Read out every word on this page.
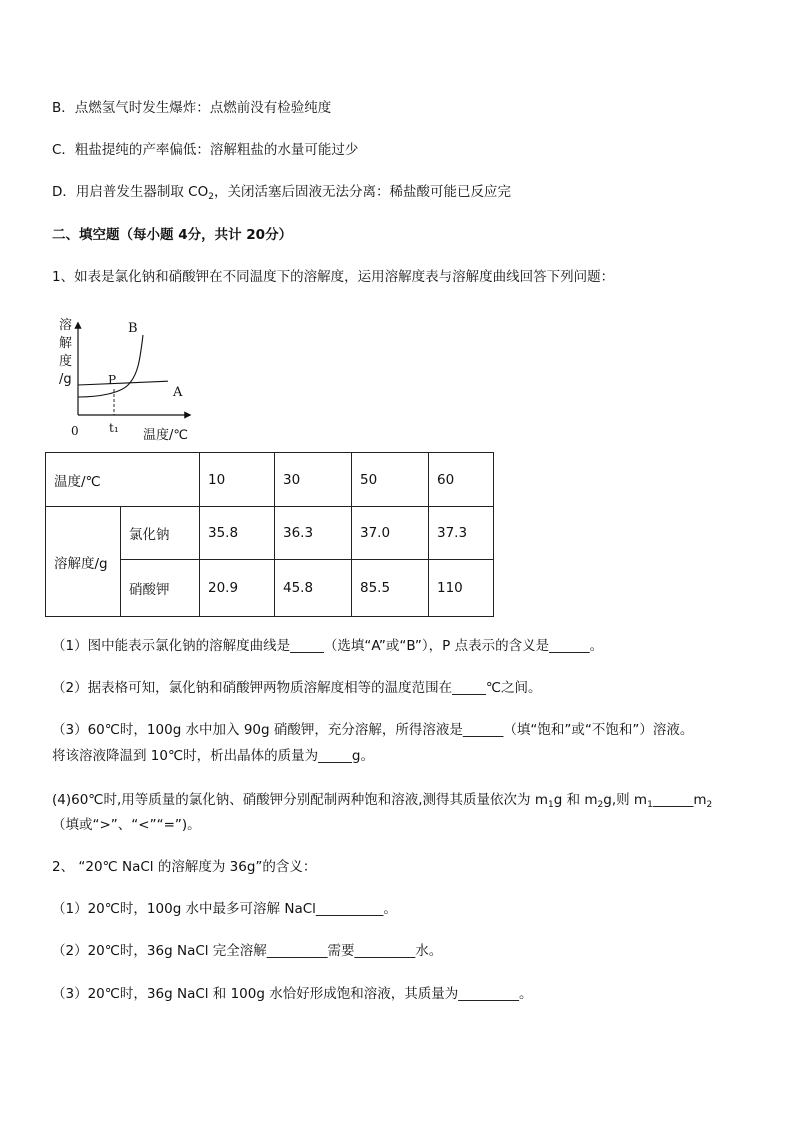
B．点燃氢气时发生爆炸：点燃前没有检验纯度
C．粗盐提纯的产率偏低：溶解粗盐的水量可能过少
D．用启普发生器制取 $CO_2$，关闭活塞后固液无法分离：稀盐酸可能已反应完
二、填空题（每小题 4分，共计 20分）
1、如表是氯化钠和硝酸钾在不同温度下的溶解度，运用溶解度表与溶解度曲线回答下列问题：
溶
解
度
/g
B
P
A
0	t₁ 温度/℃
温度/℃		10	30	50	60
溶解度/g	氯化钠	35.8	36.3	37.0	37.3
	硝酸钾	20.9	45.8	85.5	110
（1）图中能表示氯化钠的溶解度曲线是_____（选填“A”或“B”），P 点表示的含义是______。
（2）据表格可知，氯化钠和硝酸钾两物质溶解度相等的温度范围在_____℃之间。
（3）60℃时，100g 水中加入 90g 硝酸钾，充分溶解，所得溶液是______（填“饱和”或“不饱和”）溶液。
将该溶液降温到 10℃时，析出晶体的质量为_____g。
(4)60℃时,用等质量的氯化钠、硝酸钾分别配制两种饱和溶液,测得其质量依次为 $m_1g$ 和 $m_2g$,则 $m_1\_\_\_\_\_\_m_2$
（填或“>”、“<”“=”)。
2、 “20℃ NaCl 的溶解度为 36g”的含义：
（1）20℃时，100g 水中最多可溶解 NaCl__________。
（2）20℃时，36g NaCl 完全溶解_________需要_________水。
（3）20℃时，36g NaCl 和 100g 水恰好形成饱和溶液，其质量为_________。
